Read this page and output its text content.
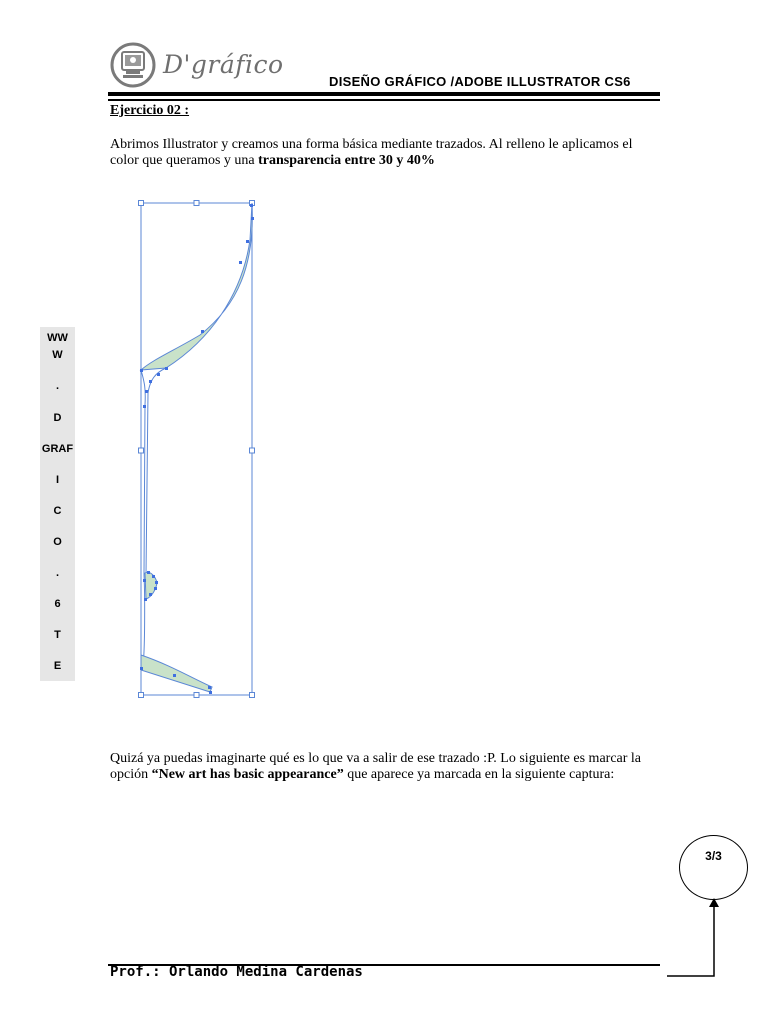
D'gráfico
DISEÑO GRÁFICO /ADOBE ILLUSTRATOR CS6
Ejercicio 02 :
Abrimos Illustrator y creamos una forma básica mediante trazados. Al relleno le aplicamos el color que queramos y una transparencia entre 30 y 40%
Quizá ya puedas imaginarte qué es lo que va a salir de ese trazado :P. Lo siguiente es marcar la opción “New art has basic appearance” que aparece ya marcada en la siguiente captura:
WW
W
.
D
GRAF
I
C
O
.
6
T
E
3/3
Prof.: Orlando Medina Cardenas
